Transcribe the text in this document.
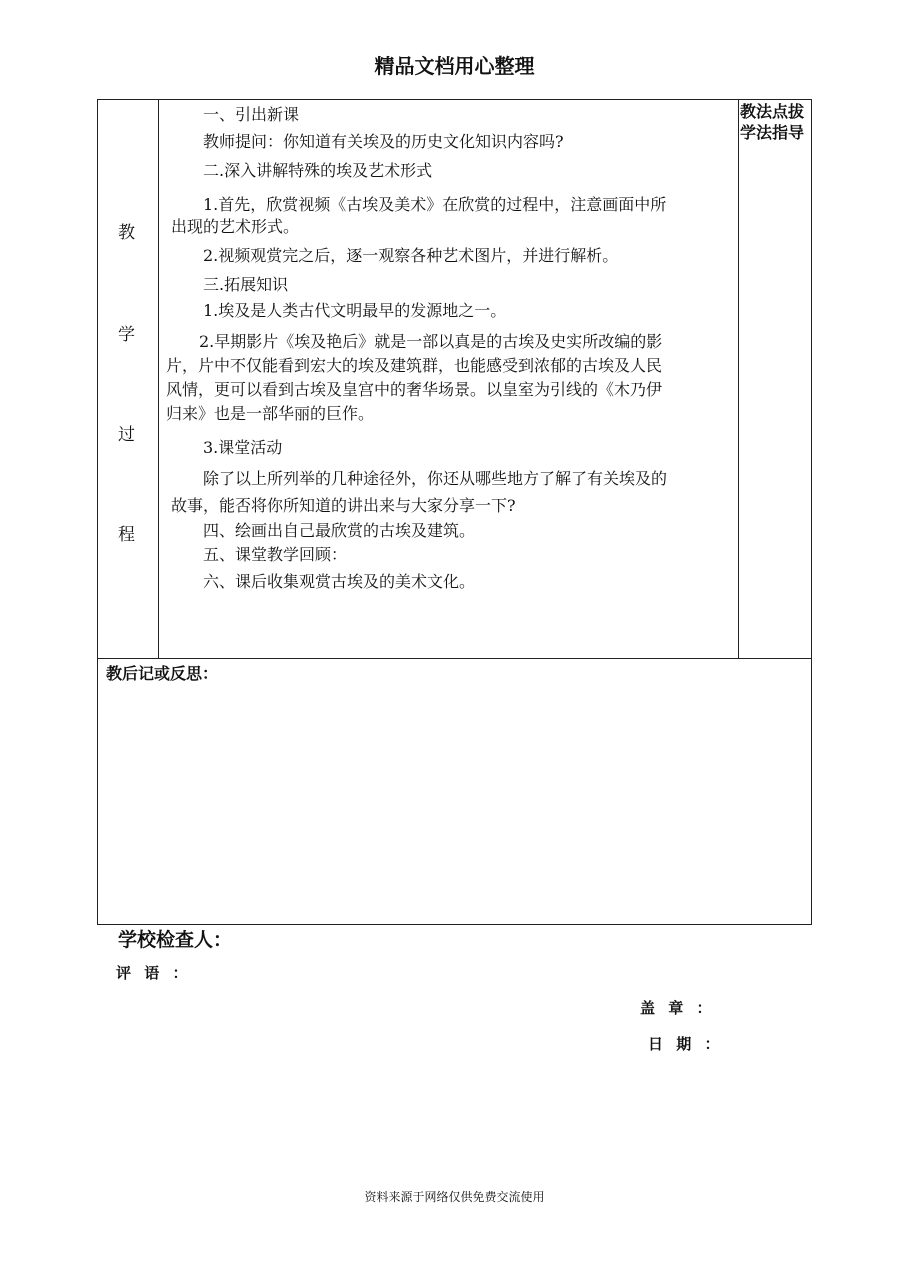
精品文档用心整理
教
学
过
程
教法点拔
学法指导
一、引出新课
教师提问：你知道有关埃及的历史文化知识内容吗?
二.深入讲解特殊的埃及艺术形式
1.首先，欣赏视频《古埃及美术》在欣赏的过程中，注意画面中所
出现的艺术形式。
2.视频观赏完之后，逐一观察各种艺术图片，并进行解析。
三.拓展知识
1.埃及是人类古代文明最早的发源地之一。
2.早期影片《埃及艳后》就是一部以真是的古埃及史实所改编的影
片，片中不仅能看到宏大的埃及建筑群，也能感受到浓郁的古埃及人民
风情，更可以看到古埃及皇宫中的奢华场景。以皇室为引线的《木乃伊
归来》也是一部华丽的巨作。
3.课堂活动
除了以上所列举的几种途径外，你还从哪些地方了解了有关埃及的
故事，能否将你所知道的讲出来与大家分享一下?
四、绘画出自己最欣赏的古埃及建筑。
五、课堂教学回顾：
六、课后收集观赏古埃及的美术文化。
教后记或反思：
学校检查人：
评 语 ：
盖 章 ：
日 期 ：
资料来源于网络仅供免费交流使用
